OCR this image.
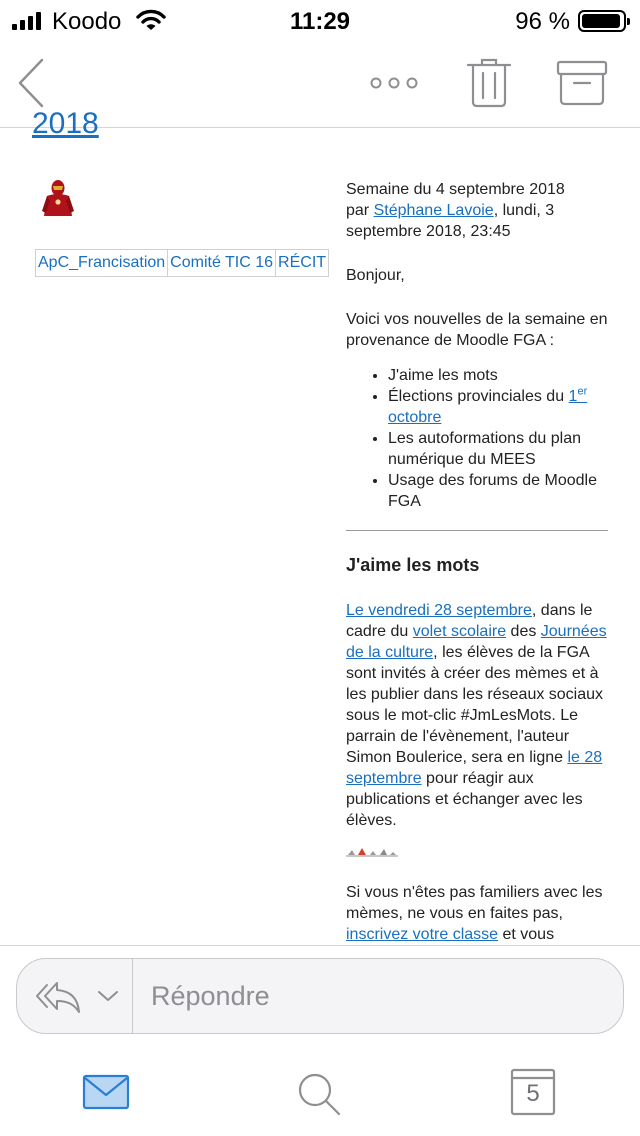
Koodo	11:29	96 %
2018
ApC_Francisation Comité TIC 16 RÉCIT

Semaine du 4 septembre 2018
par Stéphane Lavoie, lundi, 3 septembre 2018, 23:45

Bonjour,

Voici vos nouvelles de la semaine en provenance de Moodle FGA :

• J'aime les mots
• Élections provinciales du 1er octobre
• Les autoformations du plan numérique du MEES
• Usage des forums de Moodle FGA
J'aime les mots

Le vendredi 28 septembre, dans le cadre du volet scolaire des Journées de la culture, les élèves de la FGA sont invités à créer des mèmes et à les publier dans les réseaux sociaux sous le mot-clic #JmLesMots. Le parrain de l'évènement, l'auteur Simon Boulerice, sera en ligne le 28 septembre pour réagir aux publications et échanger avec les élèves.

Si vous n'êtes pas familiers avec les mèmes, ne vous en faites pas, inscrivez votre classe et vous

Répondre
5
